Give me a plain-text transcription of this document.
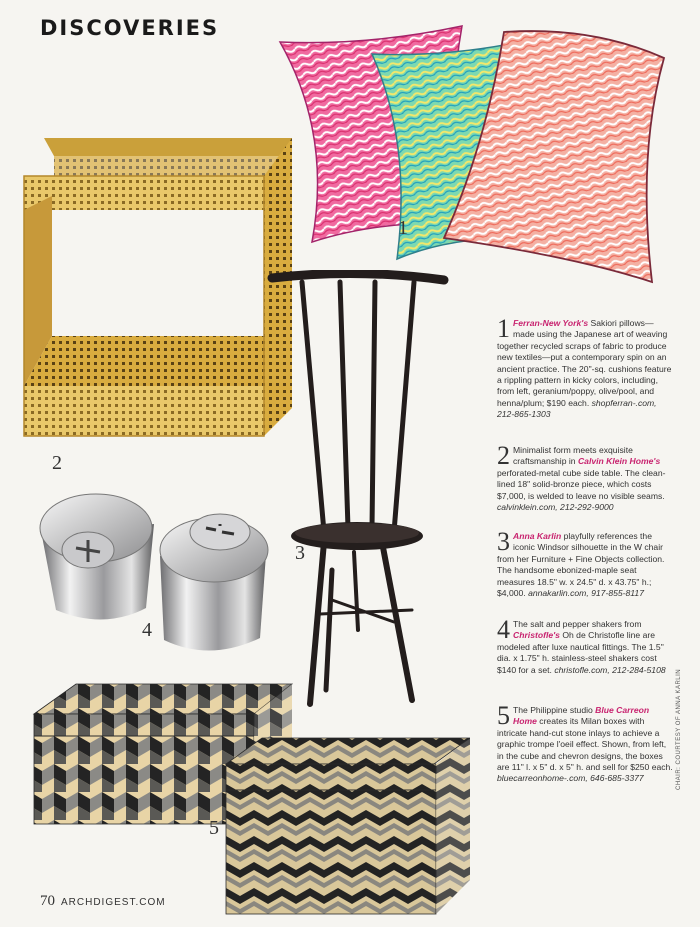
DISCOVERIES
1
2
3
4
5
1 Ferran-New York's Sakiori pillows—made using the Japanese art of weaving together recycled scraps of fabric to produce new textiles—put a contemporary spin on an ancient practice. The 20"-sq. cushions feature a rippling pattern in kicky colors, including, from left, geranium/poppy, olive/pool, and henna/plum; $190 each. shopferran-.com, 212-865-1303
2 Minimalist form meets exquisite craftsmanship in Calvin Klein Home's perforated-metal cube side table. The clean-lined 18" solid-bronze piece, which costs $7,000, is welded to leave no visible seams. calvinklein.com, 212-292-9000
3 Anna Karlin playfully references the iconic Windsor silhouette in the W chair from her Furniture + Fine Objects collection. The handsome ebonized-maple seat measures 18.5" w. x 24.5" d. x 43.75" h.; $4,000. annakarlin.com, 917-855-8117
4 The salt and pepper shakers from Christofle's Oh de Christofle line are modeled after luxe nautical fittings. The 1.5" dia. x 1.75" h. stainless-steel shakers cost $140 for a set. christofle.com, 212-284-5108
5 The Philippine studio Blue Carreon Home creates its Milan boxes with intricate hand-cut stone inlays to achieve a graphic trompe l'oeil effect. Shown, from left, in the cube and chevron designs, the boxes are 11" l. x 5" d. x 5" h. and sell for $250 each. bluecarreonhome-.com, 646-685-3377	CHAIR: COURTESY OF ANNA KARLIN
70 ARCHDIGEST.COM
